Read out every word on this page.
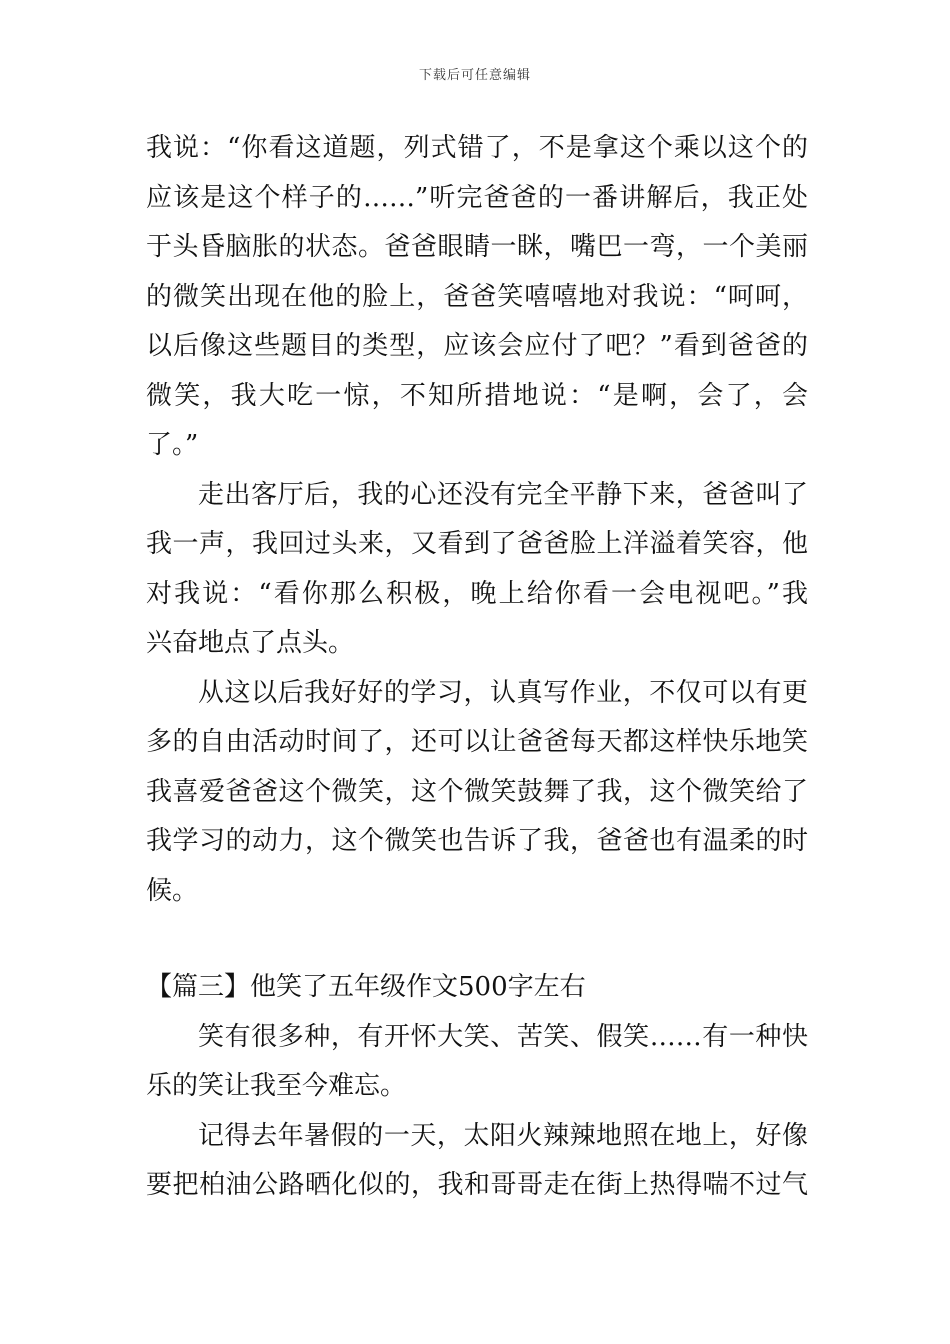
下载后可任意编辑

我说：“你看这道题，列式错了，不是拿这个乘以这个的
应该是这个样子的……”听完爸爸的一番讲解后，我正处
于头昏脑胀的状态。爸爸眼睛一眯，嘴巴一弯，一个美丽
的微笑出现在他的脸上，爸爸笑嘻嘻地对我说：“呵呵，
以后像这些题目的类型，应该会应付了吧？”看到爸爸的
微笑，我大吃一惊，不知所措地说：“是啊，会了，会
了。”

走出客厅后，我的心还没有完全平静下来，爸爸叫了
我一声，我回过头来，又看到了爸爸脸上洋溢着笑容，他
对我说：“看你那么积极，晚上给你看一会电视吧。”我
兴奋地点了点头。

从这以后我好好的学习，认真写作业，不仅可以有更
多的自由活动时间了，还可以让爸爸每天都这样快乐地笑
我喜爱爸爸这个微笑，这个微笑鼓舞了我，这个微笑给了
我学习的动力，这个微笑也告诉了我，爸爸也有温柔的时
候。

【篇三】他笑了五年级作文500字左右

笑有很多种，有开怀大笑、苦笑、假笑……有一种快
乐的笑让我至今难忘。

记得去年暑假的一天，太阳火辣辣地照在地上，好像
要把柏油公路晒化似的，我和哥哥走在街上热得喘不过气
